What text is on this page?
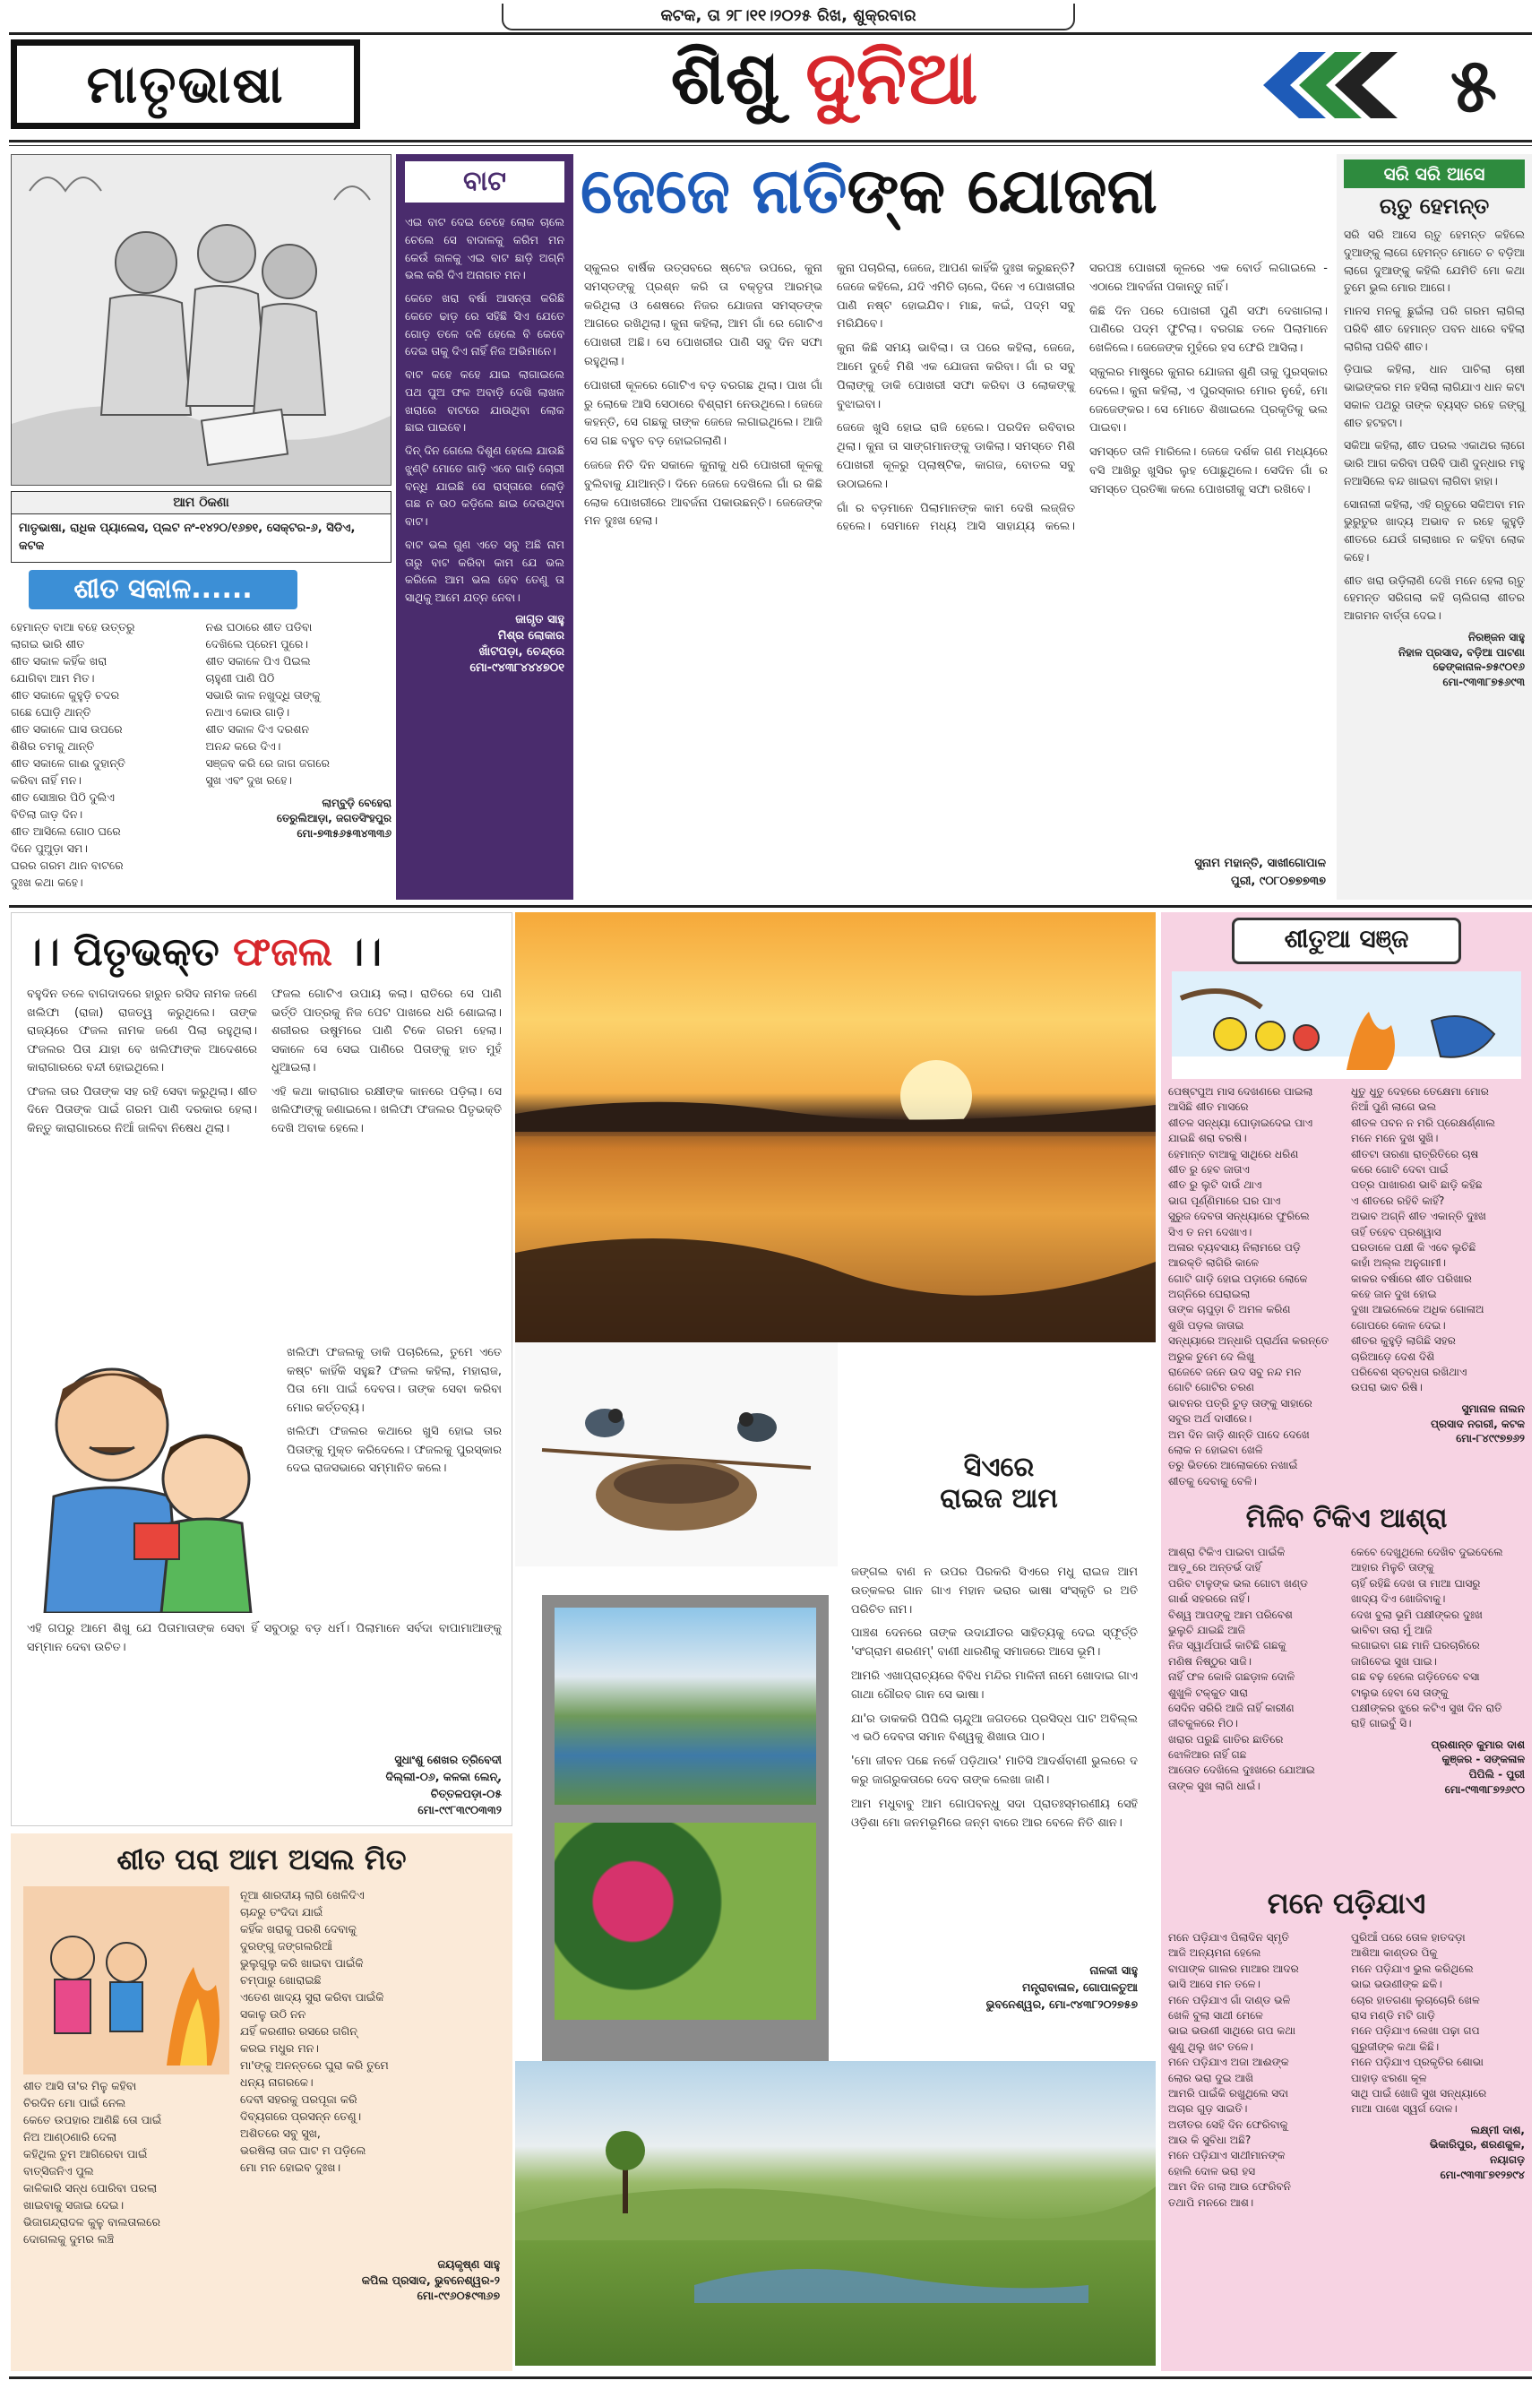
କଟକ, ତା ୨୮।୧୧।୨୦୨୫ ରିଖ, ଶୁକ୍ରବାର
ମାତୃଭାଷା	ଶିଶୁ ଦୁନିଆ	୫
ଆମ ଠିକଣା
ମାତୃଭାଷା, ରାଧିକ ପ୍ୟାଲେସ, ପ୍ଲଟ ନଂ-୧୪୨୦/୧୬୭୧, ସେକ୍ଟର-୬, ସିଡିଏ, କଟକ
ଶୀତ ସକାଳ......
ହେମାନ୍ତ ବାଆ ବହେ ଉତ୍ତରୁ
ଲାଗଇ ଭାରି ଶୀତ
ଶୀତ ସକାଳ କହିଁକ ଖରା
ଯୋଗିବା ଆମ ମିତ।
ଶୀତ ସକାଳେ କୁହୁଡ଼ି ଚଦର
ଗଛେ ଘୋଡ଼ି ଥାନ୍ତି
ଶୀତ ସକାଳେ ଘାସ ଉପରେ
ଶିଶିର ଚମକୁ ଥାନ୍ତି
ଶୀତ ସକାଳେ ଗାଈ ଦୁହାନ୍ତି
କରିବା ନାହିଁ ମନ।
ଶୀତ ସୋଞ୍ଚାର ପିଠି ଦୁଲିଏ
ବିତିଲା ଜାଡ଼ ଦିନ।
ଶୀତ ଆସିଲେ ଗୋଠ ଘରେ
ଦିନେ ପୁଅୁଡ଼ା ସମ।
ଘରର ଗରମ ଥାନ ବାଟରେ
ଦୁଃଖ କଥା କହେ।
ନଈ ଘଠାରେ ଶୀତ ପଡିବା
ଦେଖିଲେ ପ୍ରେମ ପୁରେ।
ଶୀତ ସକାଳେ ପିଏ ପିଇଲ
ଚାହୁଣୀ ପାଣି ପିଠି
ସଭାରି କାଳ ନଖୁଦ୍ଧି ତାଙ୍କୁ
ନଥାଏ କୋଉ ଗାଡ଼ି।
ଶୀତ ସକାଳ ଦିଏ ଦରଶନ
ଅନନ୍ଦ କରେ ଦିଏ।
ସଞ୍ଜବ କରି ରେ ଜାଗ ଜଗରେ
ସୁଖ ଏବଂ ଦୁଖ ରହେ।
ଲାମ୍ବୁଡ଼ି ବେହେରା
ତେରୁଲିଆଡ଼ା, ଜଗତସିଂହପୁର
ମୋ-୭୩୫୬୫୩୪୩୩୬
ବାଟ

ଏଇ ବାଟ ଦେଇ ଚେହେ ଲୋକ ଚାଲେ ଚେଲେ ସେ ବାଦାଳକୁ କରିମ ମନ କେଉଁ ଜାଳକୁ ଏଇ ବାଟ ଛାଡ଼ି ଅଗ୍ନି ଭଲ କରି ଦିଏ ଅନାଗତ ମନ।

କେତେ ଖରା ବର୍ଷା ଆସନ୍ତା କରିଛି କେତେ ଢାଡ଼ ରେ ସହିଛି ସିଏ ଯେତେ ଗୋଡ଼ ତଳେ ଦଳି ହେଲେ ବି କେବେ ଦେଇ ତାକୁ ଦିଏ ନାହିଁ ନିଜ ଅଭିମାନେ।

ବାଟ କହେ କହେ ଯାଇ ଲାଗାଇଲେ ପଥ ପୁଅ ଫଳ ଅବାଡ଼ି ଦେଖି ଲାଖଳ ଖରାରେ ବାଟରେ ଯାଉଥିବା ଲୋକ ଛାଇ ପାଇବେ।

ଦିନ୍ ଦିନ ଗେଲେ ଦିଶୁଣ ହେଲେ ଯାଉଛି ଝୁଣ୍ଟି ମୋତେ ଗାଡ଼ି ଏବେ ଗାଡ଼ି ଚୋରୀ ବନ୍ଧି ଯାଇଛି ସେ ରାସ୍ତାରେ ଲୋଡ଼ି ଗଛ ନ ଉଠ କଡ଼ିଲେ ଛାଇ ଦେଉଥିବା ବାଟ।

ବାଟ ଭଲ ଗୁଣ ଏତେ ସବୁ ଅଛି ନାମ ତାରୁ ବାଟ କରିବା କାମ ଯେ ଭଲ କରିଲେ ଆମ ଭଲ ହେବ ତେଣୁ ତା ସାଥିକୁ ଆମେ ଯତ୍ନ ନେବା।

ଜାଗୃତ ସାହୁ
ମିଶ୍ର ଲୋକାର
ଖାଁଟପଡ଼ା, ଚେନ୍ଦ୍ରେ
ମୋ-୯୪୩୮୪୪୪୭୦୧
ଜେଜେ ନାତିଙ୍କ ଯୋଜନା

ସ୍କୁଲର ବାର୍ଷିକ ଉତ୍ସବରେ ଷ୍ଟେଜ ଉପରେ, କୁନା ସମସ୍ତଙ୍କୁ ପ୍ରଶ୍ନ କରି ତା ବକ୍ତୃତା ଆରମ୍ଭ କରିଥିଲା ଓ ଶେଷରେ ନିଜର ଯୋଜନା ସମସ୍ତଙ୍କ ଆଗରେ ରଖିଥିଲା। କୁନା କହିଲା, ଆମ ଗାଁ ରେ ଗୋଟିଏ ପୋଖରୀ ଅଛି। ସେ ପୋଖରୀର ପାଣି ସବୁ ଦିନ ସଫା ରହୁଥିଲା।

ପୋଖରୀ କୂଳରେ ଗୋଟିଏ ବଡ଼ ବରଗଛ ଥିଲା। ପାଖ ଗାଁ ରୁ ଲୋକେ ଆସି ସେଠାରେ ବିଶ୍ରାମ ନେଉଥିଲେ। ଜେଜେ କହନ୍ତି, ସେ ଗଛକୁ ତାଙ୍କ ଜେଜେ ଲଗାଇଥିଲେ। ଆଜି ସେ ଗଛ ବହୁତ ବଡ଼ ହୋଇଗଲାଣି।

ଜେଜେ ନିତି ଦିନ ସକାଳେ କୁନାକୁ ଧରି ପୋଖରୀ କୂଳକୁ ବୁଲିବାକୁ ଯାଆନ୍ତି। ଦିନେ ଜେଜେ ଦେଖିଲେ ଗାଁ ର କିଛି ଲୋକ ପୋଖରୀରେ ଆବର୍ଜନା ପକାଉଛନ୍ତି। ଜେଜେଙ୍କ ମନ ଦୁଃଖ ହେଲା।

କୁନା ପଚାରିଲା, ଜେଜେ, ଆପଣ କାହିଁକି ଦୁଃଖ କରୁଛନ୍ତି? ଜେଜେ କହିଲେ, ଯଦି ଏମିତି ଚାଲେ, ଦିନେ ଏ ପୋଖରୀର ପାଣି ନଷ୍ଟ ହୋଇଯିବ। ମାଛ, କଇଁ, ପଦ୍ମ ସବୁ ମରିଯିବେ।

କୁନା କିଛି ସମୟ ଭାବିଲା। ତା ପରେ କହିଲା, ଜେଜେ, ଆମେ ଦୁହେଁ ମିଶି ଏକ ଯୋଜନା କରିବା। ଗାଁ ର ସବୁ ପିଲାଙ୍କୁ ଡାକି ପୋଖରୀ ସଫା କରିବା ଓ ଲୋକଙ୍କୁ ବୁଝାଇବା।

ଜେଜେ ଖୁସି ହୋଇ ରାଜି ହେଲେ। ପରଦିନ ରବିବାର ଥିଲା। କୁନା ତା ସାଙ୍ଗମାନଙ୍କୁ ଡାକିଲା। ସମସ୍ତେ ମିଶି ପୋଖରୀ କୂଳରୁ ପ୍ଲାଷ୍ଟିକ, କାଗଜ, ବୋତଲ ସବୁ ଉଠାଇଲେ।

ଗାଁ ର ବଡ଼ମାନେ ପିଲାମାନଙ୍କ କାମ ଦେଖି ଲଜ୍ଜିତ ହେଲେ। ସେମାନେ ମଧ୍ୟ ଆସି ସାହାଯ୍ୟ କଲେ। ସରପଞ୍ଚ ପୋଖରୀ କୂଳରେ ଏକ ବୋର୍ଡ ଲଗାଇଲେ - ଏଠାରେ ଆବର୍ଜନା ପକାନ୍ତୁ ନାହିଁ।

କିଛି ଦିନ ପରେ ପୋଖରୀ ପୁଣି ସଫା ଦେଖାଗଲା। ପାଣିରେ ପଦ୍ମ ଫୁଟିଲା। ବରଗଛ ତଳେ ପିଲାମାନେ ଖେଳିଲେ। ଜେଜେଙ୍କ ମୁହଁରେ ହସ ଫେରି ଆସିଲା।

ସ୍କୁଲର ମାଷ୍ଟ୍ରେ କୁନାର ଯୋଜନା ଶୁଣି ତାକୁ ପୁରସ୍କାର ଦେଲେ। କୁନା କହିଲା, ଏ ପୁରସ୍କାର ମୋର ନୁହେଁ, ମୋ ଜେଜେଙ୍କର। ସେ ମୋତେ ଶିଖାଇଲେ ପ୍ରକୃତିକୁ ଭଲ ପାଇବା।

ସମସ୍ତେ ତାଳି ମାରିଲେ। ଜେଜେ ଦର୍ଶକ ଗଣ ମଧ୍ୟରେ ବସି ଆଖିରୁ ଖୁସିର ଲୁହ ପୋଛୁଥିଲେ। ସେଦିନ ଗାଁ ର ସମସ୍ତେ ପ୍ରତିଜ୍ଞା କଲେ ପୋଖରୀକୁ ସଫା ରଖିବେ।

ସୁନାମ ମହାନ୍ତି, ସାଖୀଗୋପାଳ
ପୁରୀ, ୯୦୮୦୭୭୭୩୭
ସରି ସରି ଆସେ
ଋତୁ ହେମନ୍ତ

ସରି ସରି ଆସେ ଋତୁ ହେମନ୍ତ କହିଲେ ଦୁଆଙ୍କୁ ଲାଗେ ହେମନ୍ତ ମୋତେ ଚ ବଡ଼ିଆ ଲାଗେ ଦୁଆଙ୍କୁ କହିଲି ଯେମିତି ମୋ କଥା ତୁମେ ଭୁଲ ମୋର ଆଗେ।

ମାନସ ମନକୁ ଛୁଇଁଲା ପରି ଗରମ ଲାଗିଲା ପରିବି ଶୀତ ହେମାନ୍ତ ପବନ ଧାରେ ବହିଲା ଲାଗିଲା ପରିବି ଶୀତ।

ଡ଼ିପାଇ କହିଲା, ଧାନ ପାଚିଲା ଚାଷୀ ଭାଇଙ୍କର ମନ ହସିଲା ଲାଗିଯାଏ ଧାନ କଟା ସକାଳ ପଥରୁ ତାଙ୍କ ବ୍ୟସ୍ତ ରହେ ଜଙ୍ଗୁ ଶୀତ ହଟହଟା।

ସକିଆ କହିଲା, ଶୀତ ପରଲ ଏକାଥର ଲାଗେ ଭାରି ଆଗ କରିବା ପରିବି ପାଣି ଦୁନ୍ଧାର ମହୁ ନଆସିଲେ ବନ୍ଦ ଖାଇବା ଲାଗିବା ହାହା।

ସୋନାଲୀ କହିଲା, ଏହି ଋତୁରେ ସକିଅବା ମନ ଭୁରୁତୁର ଖାଦ୍ୟ ଅଭାବ ନ ରହେ କୁହୁଡ଼ି ଶୀତରେ ଯେଉଁ ଗଲାଖାର ନ କହିବା ଲୋକ କହେ।

ଶୀତ ଖରା ଉଡ଼ିଲାଣି ଦେଖି ମନେ ହେଲା ଋତୁ ହେମନ୍ତ ସରିଗଲା କହି ଚାଲିଗଲା ଶୀତର ଆଗମନ ବାର୍ତ୍ତା ଦେଇ।

ନିରଞ୍ଜନ ସାହୁ
ନିହାଳ ପ୍ରସାଦ, ବଡ଼ିଆ ପାଟଣା
ଢେଙ୍କାନାଳ-୭୫୯୦୧୬
ମୋ-୯୩୩୮୭୫୬୯୩
ସିଏରେ
ରାଇଜ ଆମ

ଜଙ୍ଗଲ ବାଣ ନ ଉପର ପିରକରି ସିଏରେ ମଧୁ ରାଇଜ ଆମ ଉତ୍କଳର ଗାନ ଗାଏ ମହାନ ଭରାର ଭାଷା ସଂସ୍କୃତି ର ଅତି ପରିଚିତ ନାମ।

ପାଞ୍ଚଶ ଦେନରେ ତାଙ୍କ ଉଦାଯୀତର ସାହିତ୍ୟକୁ ଦେଇ ସ୍ଫୂର୍ତ୍ତି 'ସଂଗ୍ରାମ ଶରଣମ୍' ବାଣୀ ଧାରଣିକୁ ସମାଜରେ ଆସେ ଭୂମି।

ଆମରି ଏଖାପ୍ରାଚ୍ୟରେ ବିବିଧ ମନ୍ଦିର ମାଳିନୀ ନାମେ ଖୋଦାଇ ଗାଏ ଗାଥା ଗୌରବ ଗାନ ସେ ଭାଷା।

ଯା'ର ଡାକକରି ପିପିଲି ଚାନ୍ଦୁଆ ଜଗତରେ ପ୍ରସିଦ୍ଧ ପାଟ ଅବିଲ୍ଲ ଏ ଭଠି ଦେବତା ସମାନ ବିଶ୍ୱକୁ ଶିଖାଉ ପାଠ।

'ମୋ ଜୀବନ ପଛେ ନର୍କେ ପଡ଼ିଥାଉ' ମାତିସି ଆଦର୍ଶବାଣୀ ଭୁଲରେ ଦ କରୁ ଜାଗରୁକତାରେ ଦେବ ତାଙ୍କ ଲେଖା ଜାଣି।

ଆମ ମଧୁବାବୁ ଆମ ଗୋପବନ୍ଧୁ ସଦା ପ୍ରାତଃସ୍ମରଣୀୟ ସେହି ଓଡ଼ିଶା ମୋ ଜନମଭୂମିରେ ଜନ୍ମ ବାରେ ଆର ବେଳେ ନିତି ଶାନ।

ନାଳକୀ ସାହୁ
ମନ୍ତ୍ରାବାଳାଳ, ଗୋପାଳତୁଆ
ଭୁବନେଶ୍ୱର, ମୋ-୯୪୩୮୨୦୨୭୫୭
।। ପିତୃଭକ୍ତ ଫଜଲ ।।

ବହୁଦିନ ତଳେ ବାଗଦାଦରେ ହାରୁନ ରସିଦ ନାମକ ଜଣେ ଖଲିଫା (ରାଜା) ରାଜତ୍ୱ କରୁଥିଲେ। ତାଙ୍କ ରାଜ୍ୟରେ ଫଜଲ ନାମକ ଜଣେ ପିଲା ରହୁଥିଲା। ଫଜଲର ପିତା ଯାହା ବେ ଖଲିଫାଙ୍କ ଆଦେଶରେ କାରାଗାରରେ ବନ୍ଦୀ ହୋଇଥିଲେ।

ଫଜଲ ତାର ପିତାଙ୍କ ସହ ରହି ସେବା କରୁଥିଲା। ଶୀତ ଦିନେ ପିତାଙ୍କ ପାଇଁ ଗରମ ପାଣି ଦରକାର ହେଲା। କିନ୍ତୁ କାରାଗାରରେ ନିଆଁ ଜାଳିବା ନିଷେଧ ଥିଲା।

ଫଜଲ ଗୋଟିଏ ଉପାୟ କଲା। ରାତିରେ ସେ ପାଣି ଭର୍ତ୍ତି ପାତ୍ରକୁ ନିଜ ପେଟ ପାଖରେ ଧରି ଶୋଇଲା। ଶରୀରର ଉଷୁମରେ ପାଣି ଟିକେ ଗରମ ହେଲା। ସକାଳେ ସେ ସେଇ ପାଣିରେ ପିତାଙ୍କୁ ହାତ ମୁହଁ ଧୁଆଇଲା।

ଏହି କଥା କାରାଗାର ରକ୍ଷୀଙ୍କ କାନରେ ପଡ଼ିଲା। ସେ ଖଲିଫାଙ୍କୁ ଜଣାଇଲେ। ଖଲିଫା ଫଜଲର ପିତୃଭକ୍ତି ଦେଖି ଅବାକ ହେଲେ।

ଖଲିଫା ଫଜଲକୁ ଡାକି ପଚାରିଲେ, ତୁମେ ଏତେ କଷ୍ଟ କାହିଁକି ସହୁଛ? ଫଜଲ କହିଲା, ମହାରାଜ, ପିତା ମୋ ପାଇଁ ଦେବତା। ତାଙ୍କ ସେବା କରିବା ମୋର କର୍ତ୍ତବ୍ୟ।

ଖଲିଫା ଫଜଲର କଥାରେ ଖୁସି ହୋଇ ତାର ପିତାଙ୍କୁ ମୁକ୍ତ କରିଦେଲେ। ଫଜଲକୁ ପୁରସ୍କାର ଦେଇ ରାଜସଭାରେ ସମ୍ମାନିତ କଲେ।

ଏହି ଗପରୁ ଆମେ ଶିଖୁ ଯେ ପିତାମାତାଙ୍କ ସେବା ହିଁ ସବୁଠାରୁ ବଡ଼ ଧର୍ମ। ପିଲାମାନେ ସର୍ବଦା ବାପାମାଆଙ୍କୁ ସମ୍ମାନ ଦେବା ଉଚିତ।

ସୁଧାଂଶୁ ଶେଖର ତ୍ରିବେଦୀ
ଦିଲ୍ଲୀ-୦୬, କଳକା ଲେନ୍,
ଚିତ୍ତଳପଡ଼ା-୦୫
ମୋ-୯୯୮୩୯୦୩୩୨
ଶୀତ ପରା ଆମ ଅସଲ ମିତ
ନୂଆ ଶାରଦୀୟ ଲାଗି ଖେଳିଦିଏ
ଚାନ୍ଦରୁ ତଂଦିଦା ଯାଇଁ
କହିଁକ ଖରାକୁ ପରଶି ଦେବାକୁ
ଦୁରଙ୍ଗୁ ଜଙ୍ଗଲରିଆଁ
ଭୁଲୁଗୁଲୁ କରି ଖାଇବା ପାଇଁକି
ଚମ୍ପାରୁ ଖୋରାଇଛି
ଏତେଣ ଖାଦ୍ୟ ସୁରା କରିବା ପାଇଁକି
ସକାଳୁ ଉଠି ନନ
ଯହିଁ କରଣୀର ରସରେ ଗଗିନ୍
କରଇ ମଧୁର ମନ।
ମା'ଙ୍କୁ ଅନନ୍ତରେ ଘୁରା କରି ତୁମେ
ଧନ୍ୟ ନାଗରକେ।
ଦେବୀ ସହରକୁ ପରପୂଜା କରି
ଦିବ୍ୟଗରେ ପ୍ରସନ୍ନ ତେଣୁ।
ଅଶିତରେ ସବୁ ସୁଖ,
ଭରଷିଲା ତାଜ ଘାଟ ମ ପଡ଼ିଲେ
ମୋ ମନ ହୋଇବ ଦୁଃଖ।
ଶୀତ ଆସି ତା'ର ମିଳୁ କହିବା
ଚିରଦିନ ମୋ ପାଇଁ ନେଲ
କେତେ ଉପହାର ଆଣିଛି ତୋ ପାଇଁ
ନିଅ ଆଣ୍ଠଣାରି ଦେଲା
କହିଥିଲ ତୁମ ଆଗିରେବା ପାଇଁ
ବାତ୍ସିଜନିଏ ପୁଲ
କାଳିକାରି ସନ୍ଧ ପୋରିବା ପରଲା
ଖାଇବାକୁ ସଜାଇ ଦେଇ।
ଭିଜାଗନ୍ଦ୍ରାଦଳ କୁଳୁ ବାଲତାଲରେ
ଦୋଗଲକୁ ଦୁମର ଲଞ୍ଚି
ଜୟକୃଷ୍ଣ ସାହୁ
କପିଲ ପ୍ରସାଦ, ଭୁବନେଶ୍ୱର-୨
ମୋ-୯୯୬୦୫୯୩୬୭
ଶୀତୁଆ ସଞ୍ଜ
ପେଷ୍ଟପୁଅ ମାସ ଦେଖଣରେ ପାଇଲା
ଆସିଛି ଶୀତ ମାସରେ
ଶୀତଳ ସନ୍ଧ୍ୟା ଘୋଡ଼ାଇଦେଇ ପାଏ
ଯାଇଛି ଶରା ବରଷି।
ହେମାନ୍ତ ବାଆକୁ ସାଥିରେ ଧରିଣ
ଶୀତ ରୁ ହେବ ଜାତାଏ
ଶୀତ ରୁ ଲୁଟି ଦାଉଁ ଥାଏ
ଭାଗ ପୂର୍ଣ୍ଣିମାରେ ଘର ପାଏ
ସୁରୁଜ ଦେବତା ସନ୍ଧ୍ୟାରେ ଫୁରିଲେ
ସିଏ ତ ନମ ଦେଖାଏ।
ଅଳାର ବ୍ୟବସାୟ ନିଲାମରେ ପଡ଼ି
ଆରକ୍ତି ଲାଗିରି କାଳେ
ଗୋଟି ଗାଡ଼ି ହୋଇ ପଡ଼ାରେ ଲୋକେ
ଅଗ୍ନିରେ ଘେରାଇଲା
ତାଙ୍କ ଚାପୁଡ଼ା ଚି ଅମଳ କରିଣ
ଶୁଖି ପଡ଼ଲ ଜାତାଇ
ସନ୍ଧ୍ୟାରେ ଅନ୍ଧାରି ପ୍ରାର୍ଥନା କରନ୍ତେ
ଅରୁକ ତୁମେ ଦେ ଲିଖୁ
ରାଜେବେ ଜନେ ଉଦ ସବୁ ନନ୍ଦ ମନ
ଗୋଟି ଗୋଟିର ଚରଣ
ଭାବନର ପତ୍ରି ଚୁଡ଼ ତାଙ୍କୁ ସାହାରେ
ସବୁର ଅର୍ଥ ଦାସୀରେ।
ଅମ ଦିନ ଜାଡ଼ି ଶାନ୍ତି ପାଦେ ଦେଖେ
ଲୋକ ନ ହୋଇବା ଖେଳି
ତରୁ ଭିତରେ ଆଲୋକରେ ନଖାଇଁ
ଶୀତକୁ ଦେବାକୁ ବେଳି।
ଧୁତୁ ଧୁତୁ ଦେହରେ ତେକ୍ଷେମା ମୋର
ନିଆଁ ପୁଣି ଲାଗେ ଭଲ
ଶୀତଳ ପବନ ନ ମରି ପ୍ରେକ୍ଷର୍ଣ୍ଣାଲ
ମନେ ମନେ ଦୁଖ ସୁଖି।
ଶୀତଟା ତାରଣା ରାତ୍ରିତିରେ ଚାଷ
କରେ ଗୋଟି ଦେବା ପାଇଁ
ପତ୍ର ପାଖାରଣ ଭାବି ଛାଡ଼ି କହିଛ
ଏ ଶୀତରେ ରହିବି କାହିଁ?
ଅଭାବ ଅଗ୍ନି ଶୀତ ଏକାନ୍ତି ଦୁଃଖ
ତାହିଁ ତହେବ ପ୍ରଶ୍ୱାସ
ଘରଡାଳେ ପକ୍ଷୀ କି ଏବେ ଲୁଚିଛି
କାହାଁ ଅଲ୍ଲ ଅନୁଗାମୀ।
କାକର ବର୍ଷାରେ ଶୀତ ପରିଖାର
କହେ ଜାନ ଦୁଖ ହୋଇ
ଦୁଖା ଆଇଲେକେ ଅଧିକ ଗୋଳାଅ
ଗୋପରେ କୋଳ ଦେଇ।
ଶୀତର କୁହୁଡ଼ି ଲାଗିଛି ସହର
ଚାରିଆଡ଼େ ଦେଶ ଦିଶି
ପରିବେଶ ସ୍ତବ୍ଧତା ରଖିଥାଏ
ଉପରା ଭାବ ରିଷି।
ସୁମାନାଳ ନାଲନ
ପ୍ରସାଦ ନଗରୀ, କଟକ
ମୋ-୮୪୯୯୭୭୬୨
ମିଳିବ ଟିକିଏ ଆଶ୍ରା
ଆଶ୍ରା ଟିକିଏ ପାଇବା ପାଇଁକି
ଆଡ଼ୁରେ ଅନ୍ତର୍ଭ ଦାହିଁ
ପରିବ ଟାଳୁଙ୍କ ଭଲ ଗୋଟା ଖଣ୍ଡ
ଗାଈଁ ସହରରେ ନାହିଁ।
ବିଶ୍ୱ ଆପଙ୍କୁ ଆମ ପରିବେଶ
ଭୁଲୁଚି ଯାଇଛି ଆଜି
ନିଜ ସ୍ୱାର୍ଥପାଇଁ କାଟିଛି ଗଛକୁ
ମଣିଷ ନିଷ୍ଠୁର ସାଜି।
ନାହିଁ ଫଳ କୋଳି ଗଛଡ଼ାଳ ଦୋଳି
ଶୁଖୁଳି ଟକ୍କୁତ ସାରା
ସେଦିନ ସରିରି ଆଜି ନାହିଁ କାରୀଣ
ଜୀବକୁଳରେ ମିଠ।
ଖରାର ପରୁଛି ଗାତିର ଛାତିରେ
ଝୋଳିଆର ନାହିଁ ଗଛ
ଆତୋତ ଦେଖିଲେ ଦୁଃଖରେ ଯୋଆଇ
ତାଙ୍କ ସୁଖ ଲାଗି ଧାଇଁ।
କେବେ ଦେଖୁଥିଲେ ଦେଖିବ ଦୁଇଦେଲେ
ଆହାର ମିଳୁଚି ତାଙ୍କୁ
ଚାହିଁ ରହିଛି ଦେଖ ତା ମାଆ ଘାସରୁ
ଖାଦ୍ୟ ଦିଏ ଖୋଜିବାକୁ।
ଦେଖ ବୁଲା ଭୂମି ପକ୍ଷୀଙ୍କର ଦୁଃଖ
ଭାବିବା ତାରା ମୁଁ ଆଜି
ଲଗାଇବା ଗଛ ମାନି ଘରଚାରିରେ
ଜାଗିବେଇ ସୁଖ ପାଇ।
ଗଛ ବଢ଼ ହେଲେ ଗଡ଼ିତେବେ ବସା
ଟାଲୁଭ ହେବା ସେ ତାଙ୍କୁ
ପକ୍ଷୀଙ୍କର ଝୁରେ କଟିଏ ସୁଖ ଦିନ ରାତି
ରାହି ଗାଇବୁଁ ସି।
ପ୍ରଶାନ୍ତ କୁମାର ଦାଶ
କୁଞ୍ଜର - ସଙ୍କଳାଳ
ପିପିଲି - ପୁରୀ
ମୋ-୯୩୩୮୭୨୬୯୦
ମନେ ପଡ଼ିଯାଏ
ମନେ ପଡ଼ିଯାଏ ପିଲାଦିନ ସ୍ମୃତି
ଆଜି ଅନ୍ୟମନା ହେଲେ
ବାପାଙ୍କ ଗାଲର ମାଆର ଆଦର
ଭାସି ଆସେ ମନ ତଳେ।
ମନେ ପଡ଼ିଯାଏ ଗାଁ ଦାଣ୍ଡ ଭଳି
ଖେଳି ବୁଲା ସାଥୀ ମେଳେ
ଭାଇ ଭଉଣୀ ସାଥିରେ ଗପ କଥା
ଶୁଣୁ ଥିଲୁ ଖଟ ତଳେ।
ମନେ ପଡ଼ିଯାଏ ଅଜା ଆଈଙ୍କ
ଲୋର ଭରା ଦୁଇ ଆଖି
ଆମରି ପାଇଁକି ରଖୁଥିଲେ ସଦା
ଅଚାର ଗୁଡ଼ ସାଇତି।
ଅତୀତର ସେହି ଦିନ ଫେରିବାକୁ
ଆଉ କି ସୁବିଧା ଅଛି?
ମନେ ପଡ଼ିଯାଏ ସାଥୀମାନଙ୍କ
ହୋଲି ଦୋଳ ଭରା ହସ
ଆମ ଦିନ ଗଲା ଆଉ ଫେରିବନି
ତଥାପି ମନରେ ଆଶ।
ପୁରିଆଁ ପରେ ତୋଳ ହାତଦଡ଼ା
ଆଶିଆ କାଣ୍ଡର ପିକୁ
ମନେ ପଡ଼ିଯାଏ ଭୁଲ କରିଥିଲେ
ଭାଇ ଭଉଣୀଙ୍କ ଛକି।
ଚୋର ହାତଗଣା ଲୁଚାଚୋରି ଖେଳ
ରାସ ମଣ୍ଡି ମଟି ଗାଡ଼ି
ମନେ ପଡ଼ିଯାଏ ଲେଖା ପଢ଼ା ଗପ
ଗୁରୁଜୀଙ୍କ କଥା କିଛି।
ମନେ ପଡ଼ିଯାଏ ପ୍ରକୃତିର ଶୋଭା
ପାହାଡ଼ ଝରଣା କୂଳ
ସାଥି ପାଇଁ ଖୋଜି ସୁଖ ସନ୍ଧ୍ୟାରେ
ମାଆ ପାଖେ ସ୍ୱର୍ଗ ଦୋଳ।
ଲକ୍ଷ୍ମୀ ଦାଶ,
ଭିକାରିପୁର, ଶରଣକୁଳ,
ନୟାଗଡ଼
ମୋ-୯୩୩୮୭୧୨୭୯୪
